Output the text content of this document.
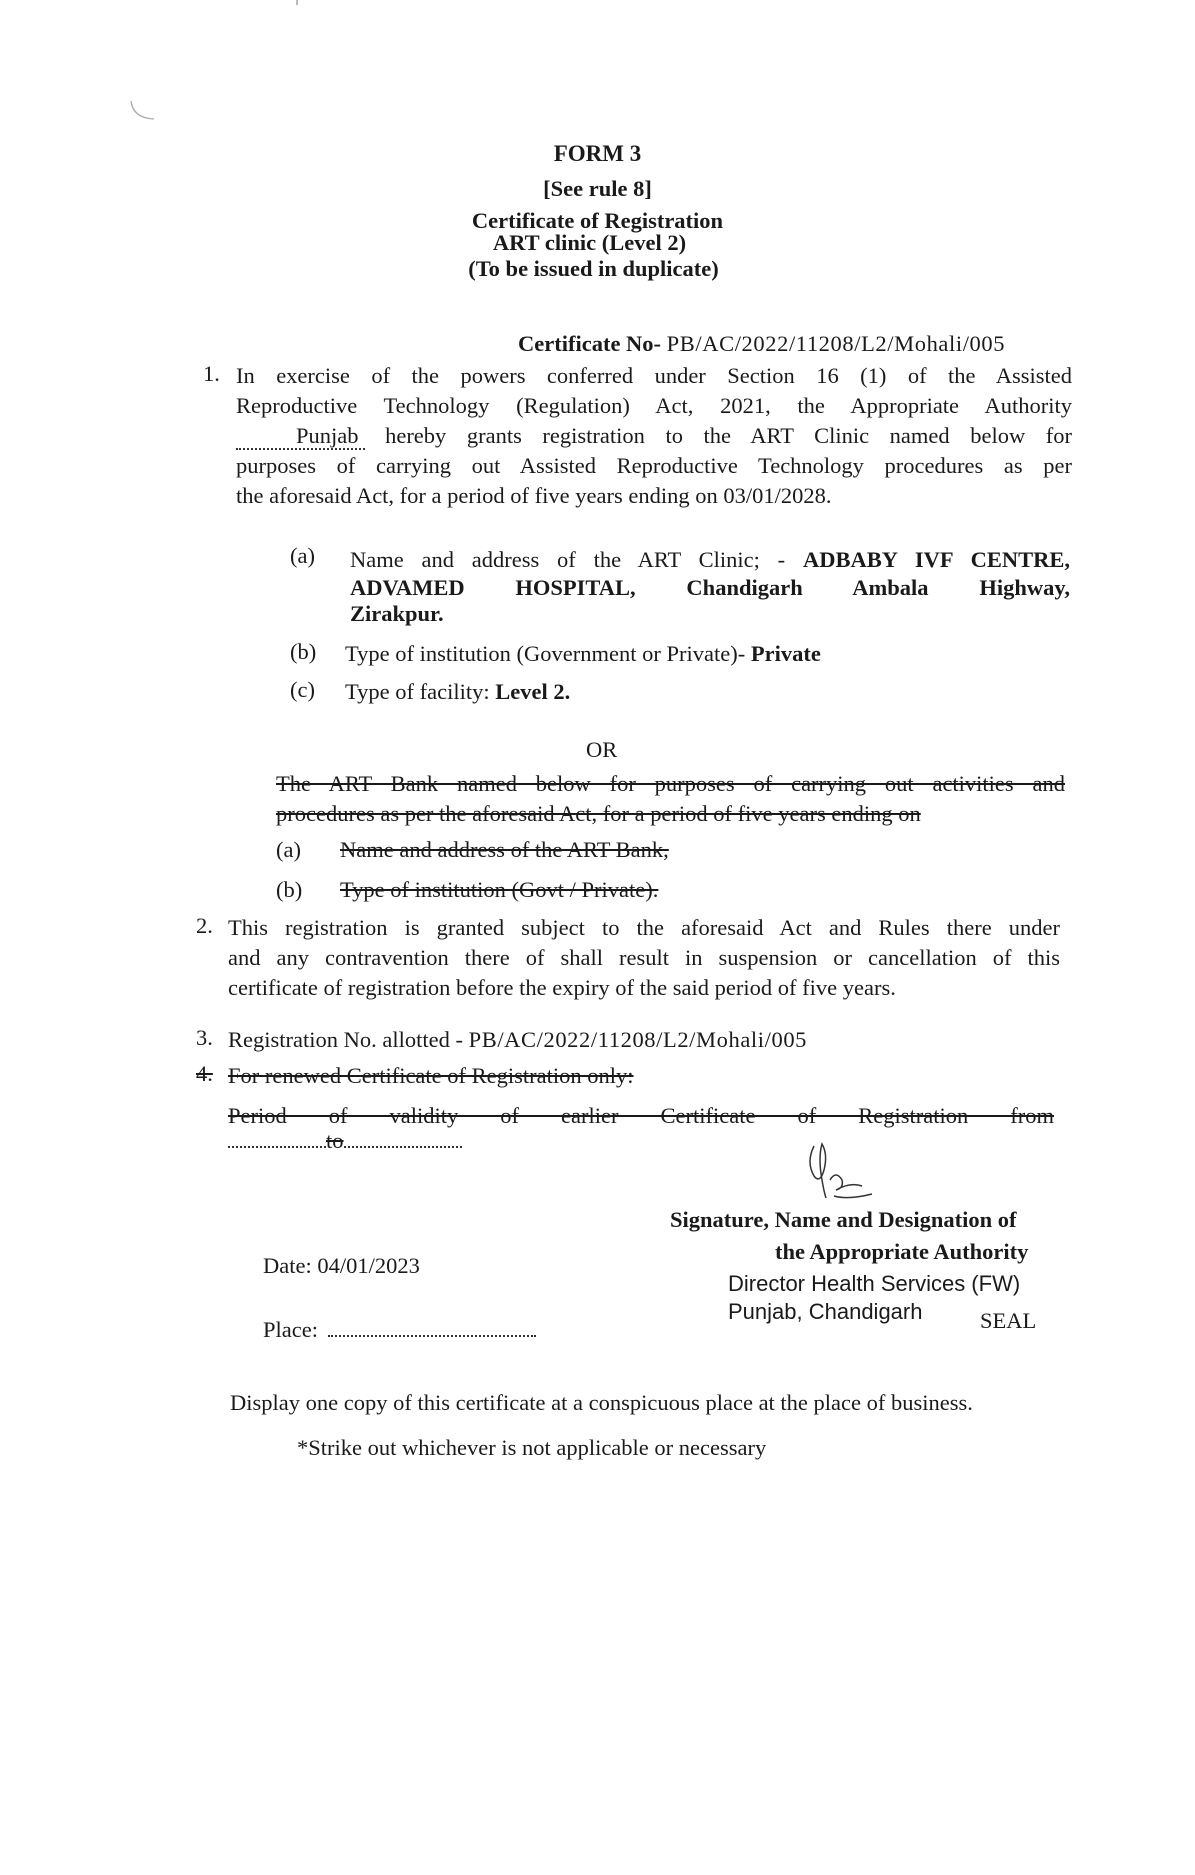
FORM 3
[See rule 8]
Certificate of Registration
ART clinic (Level 2)
(To be issued in duplicate)
Certificate No- PB/AC/2022/11208/L2/Mohali/005
1. In exercise of the powers conferred under Section 16 (1) of the Assisted
Reproductive Technology (Regulation) Act, 2021, the Appropriate Authority
Punjab hereby grants registration to the ART Clinic named below for
purposes of carrying out Assisted Reproductive Technology procedures as per
the aforesaid Act, for a period of five years ending on 03/01/2028.
(a) Name and address of the ART Clinic; - ADBABY IVF CENTRE,
ADVAMED HOSPITAL, Chandigarh Ambala Highway,
Zirakpur.
(b) Type of institution (Government or Private)- Private
(c) Type of facility: Level 2.
OR
The ART Bank named below for purposes of carrying out activities and
procedures as per the aforesaid Act, for a period of five years ending on
(a) Name and address of the ART Bank,
(b) Type of institution (Govt / Private).
2. This registration is granted subject to the aforesaid Act and Rules there under
and any contravention there of shall result in suspension or cancellation of this
certificate of registration before the expiry of the said period of five years.
3. Registration No. allotted - PB/AC/2022/11208/L2/Mohali/005
4. For renewed Certificate of Registration only:
Period of validity of earlier Certificate of Registration from
to
Signature, Name and Designation of
the Appropriate Authority
Director Health Services (FW)
Punjab, Chandigarh	SEAL
Date: 04/01/2023
Place:
Display one copy of this certificate at a conspicuous place at the place of business.
*Strike out whichever is not applicable or necessary
